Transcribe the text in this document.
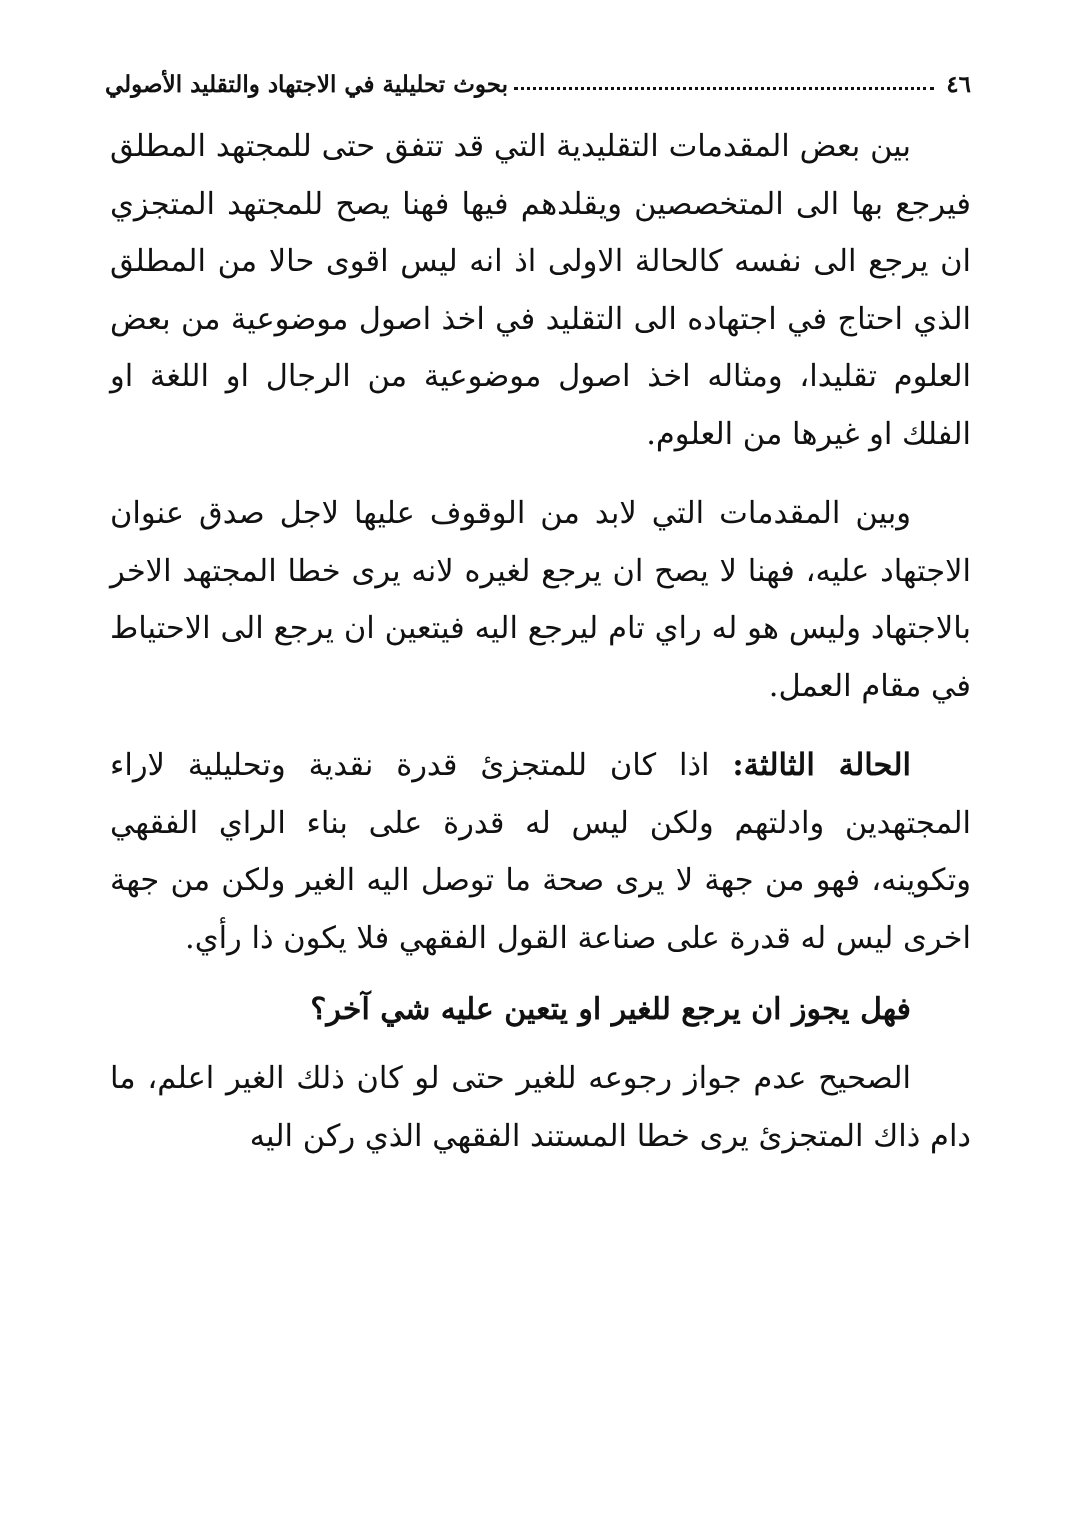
٤٦
بحوث تحليلية في الاجتهاد والتقليد الأصولي

بين بعض المقدمات التقليدية التي قد تتفق حتى للمجتهد المطلق فيرجع بها الى المتخصصين ويقلدهم فيها فهنا يصح للمجتهد المتجزي ان يرجع الى نفسه كالحالة الاولى اذ انه ليس اقوى حالا من المطلق الذي احتاج في اجتهاده الى التقليد في اخذ اصول موضوعية من بعض العلوم تقليدا، ومثاله اخذ اصول موضوعية من الرجال او اللغة او الفلك او غيرها من العلوم.

وبين المقدمات التي لابد من الوقوف عليها لاجل صدق عنوان الاجتهاد عليه، فهنا لا يصح ان يرجع لغيره لانه يرى خطا المجتهد الاخر بالاجتهاد وليس هو له راي تام ليرجع اليه فيتعين ان يرجع الى الاحتياط في مقام العمل.

الحالة الثالثة: اذا كان للمتجزئ قدرة نقدية وتحليلية لاراء المجتهدين وادلتهم ولكن ليس له قدرة على بناء الراي الفقهي وتكوينه، فهو من جهة لا يرى صحة ما توصل اليه الغير ولكن من جهة اخرى ليس له قدرة على صناعة القول الفقهي فلا يكون ذا رأي.

فهل يجوز ان يرجع للغير او يتعين عليه شي آخر؟

الصحيح عدم جواز رجوعه للغير حتى لو كان ذلك الغير اعلم، ما دام ذاك المتجزئ يرى خطا المستند الفقهي الذي ركن اليه
